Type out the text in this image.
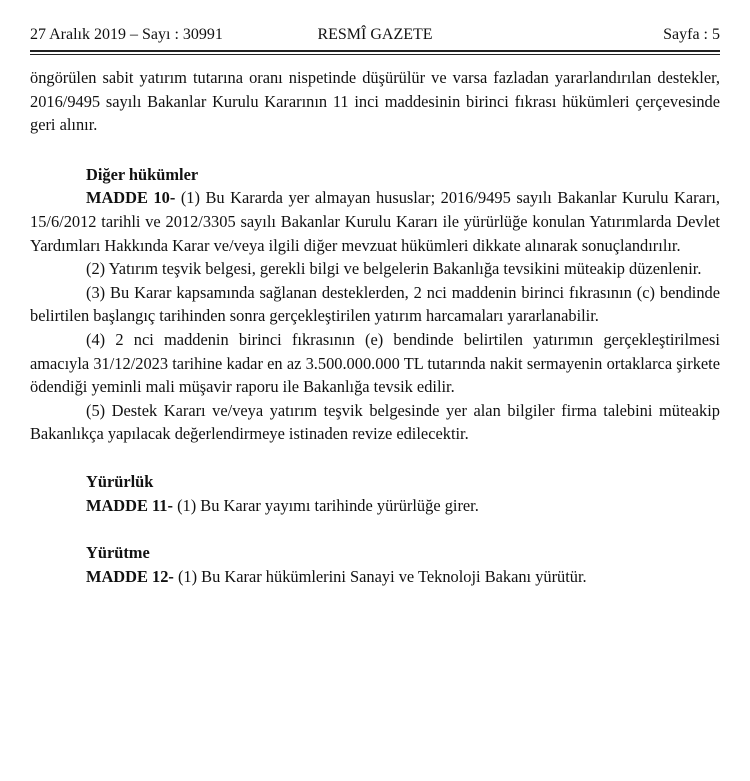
27 Aralık 2019 – Sayı : 30991	RESMÎ GAZETE	Sayfa : 5

öngörülen sabit yatırım tutarına oranı nispetinde düşürülür ve varsa fazladan yararlandırılan destekler, 2016/9495 sayılı Bakanlar Kurulu Kararının 11 inci maddesinin birinci fıkrası hükümleri çerçevesinde geri alınır.

Diğer hükümler

MADDE 10- (1) Bu Kararda yer almayan hususlar; 2016/9495 sayılı Bakanlar Kurulu Kararı, 15/6/2012 tarihli ve 2012/3305 sayılı Bakanlar Kurulu Kararı ile yürürlüğe konulan Yatırımlarda Devlet Yardımları Hakkında Karar ve/veya ilgili diğer mevzuat hükümleri dikkate alınarak sonuçlandırılır.

(2) Yatırım teşvik belgesi, gerekli bilgi ve belgelerin Bakanlığa tevsikini müteakip düzenlenir.

(3) Bu Karar kapsamında sağlanan desteklerden, 2 nci maddenin birinci fıkrasının (c) bendinde belirtilen başlangıç tarihinden sonra gerçekleştirilen yatırım harcamaları yararlanabilir.

(4) 2 nci maddenin birinci fıkrasının (e) bendinde belirtilen yatırımın gerçekleştirilmesi amacıyla 31/12/2023 tarihine kadar en az 3.500.000.000 TL tutarında nakit sermayenin ortaklarca şirkete ödendiği yeminli mali müşavir raporu ile Bakanlığa tevsik edilir.

(5) Destek Kararı ve/veya yatırım teşvik belgesinde yer alan bilgiler firma talebini müteakip Bakanlıkça yapılacak değerlendirmeye istinaden revize edilecektir.

Yürürlük

MADDE 11- (1) Bu Karar yayımı tarihinde yürürlüğe girer.

Yürütme

MADDE 12- (1) Bu Karar hükümlerini Sanayi ve Teknoloji Bakanı yürütür.
